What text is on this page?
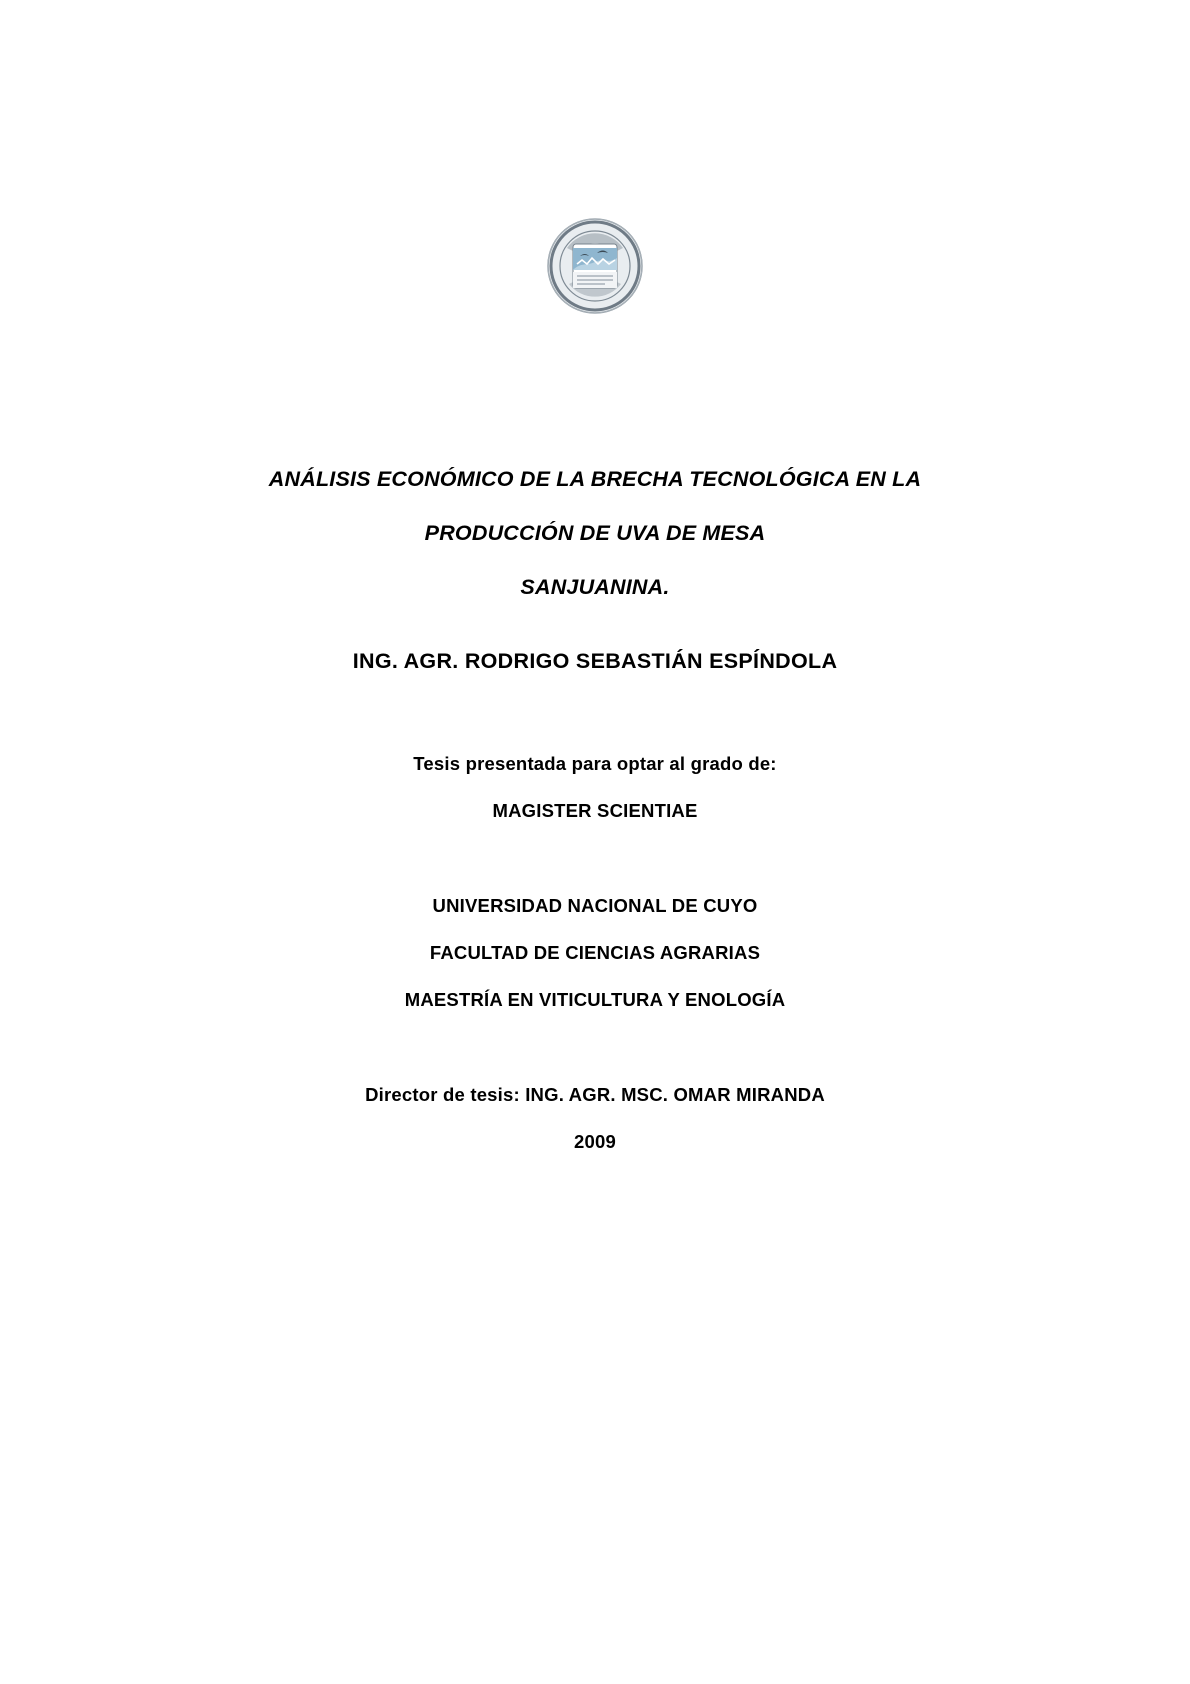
ANÁLISIS ECONÓMICO DE LA BRECHA TECNOLÓGICA EN LA
PRODUCCIÓN DE UVA DE MESA
SANJUANINA.
ING. AGR. RODRIGO SEBASTIÁN ESPÍNDOLA
Tesis presentada para optar al grado de:
MAGISTER SCIENTIAE
UNIVERSIDAD NACIONAL DE CUYO
FACULTAD DE CIENCIAS AGRARIAS
MAESTRÍA EN VITICULTURA Y ENOLOGÍA
Director de tesis: ING. AGR. MSC. OMAR MIRANDA
2009
